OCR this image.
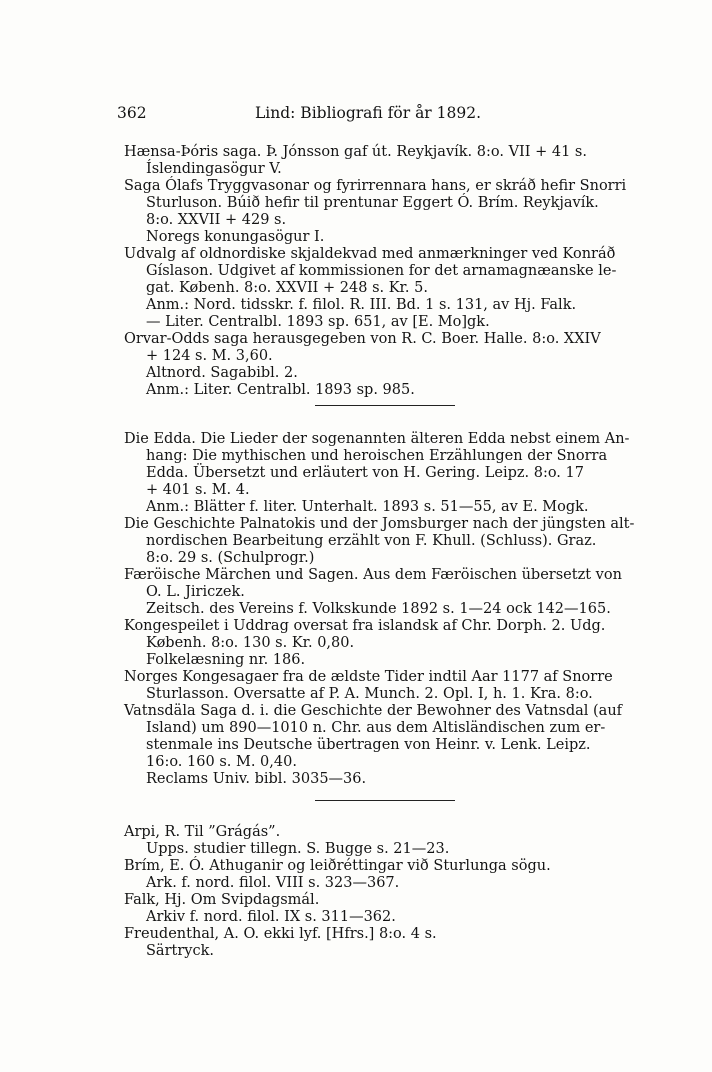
362	Lind: Bibliografi för år 1892.
Hænsa-Þóris saga. Þ. Jónsson gaf út. Reykjavík. 8:o. VII + 41 s.
Íslendingasögur V.
Saga Ólafs Tryggvasonar og fyrirrennara hans, er skráð hefir Snorri
Sturluson. Búið hefir til prentunar Eggert Ó. Brím. Reykjavík.
8:o. XXVII + 429 s.
Noregs konungasögur I.
Udvalg af oldnordiske skjaldekvad med anmærkninger ved Konráð
Gíslason. Udgivet af kommissionen for det arnamagnæanske le-
gat. Københ. 8:o. XXVII + 248 s. Kr. 5.
Anm.: Nord. tidsskr. f. filol. R. III. Bd. 1 s. 131, av Hj. Falk.
— Liter. Centralbl. 1893 sp. 651, av [E. Mo]gk.
Orvar-Odds saga herausgegeben von R. C. Boer. Halle. 8:o. XXIV
+ 124 s. M. 3,60.
Altnord. Sagabibl. 2.
Anm.: Liter. Centralbl. 1893 sp. 985.
Die Edda. Die Lieder der sogenannten älteren Edda nebst einem An-
hang: Die mythischen und heroischen Erzählungen der Snorra
Edda. Übersetzt und erläutert von H. Gering. Leipz. 8:o. 17
+ 401 s. M. 4.
Anm.: Blätter f. liter. Unterhalt. 1893 s. 51—55, av E. Mogk.
Die Geschichte Palnatokis und der Jomsburger nach der jüngsten alt-
nordischen Bearbeitung erzählt von F. Khull. (Schluss). Graz.
8:o. 29 s. (Schulprogr.)
Færöische Märchen und Sagen. Aus dem Færöischen übersetzt von
O. L. Jiriczek.
Zeitsch. des Vereins f. Volkskunde 1892 s. 1—24 ock 142—165.
Kongespeilet i Uddrag oversat fra islandsk af Chr. Dorph. 2. Udg.
Københ. 8:o. 130 s. Kr. 0,80.
Folkelæsning nr. 186.
Norges Kongesagaer fra de ældste Tider indtil Aar 1177 af Snorre
Sturlasson. Oversatte af P. A. Munch. 2. Opl. I, h. 1. Kra. 8:o.
Vatnsdäla Saga d. i. die Geschichte der Bewohner des Vatnsdal (auf
Island) um 890—1010 n. Chr. aus dem Altisländischen zum er-
stenmale ins Deutsche übertragen von Heinr. v. Lenk. Leipz.
16:o. 160 s. M. 0,40.
Reclams Univ. bibl. 3035—36.
Arpi, R. Til ”Grágás”.
Upps. studier tillegn. S. Bugge s. 21—23.
Brím, E. Ó. Athuganir og leiðréttingar við Sturlunga sögu.
Ark. f. nord. filol. VIII s. 323—367.
Falk, Hj. Om Svipdagsmál.
Arkiv f. nord. filol. IX s. 311—362.
Freudenthal, A. O. ekki lyf. [Hfrs.] 8:o. 4 s.
Särtryck.
